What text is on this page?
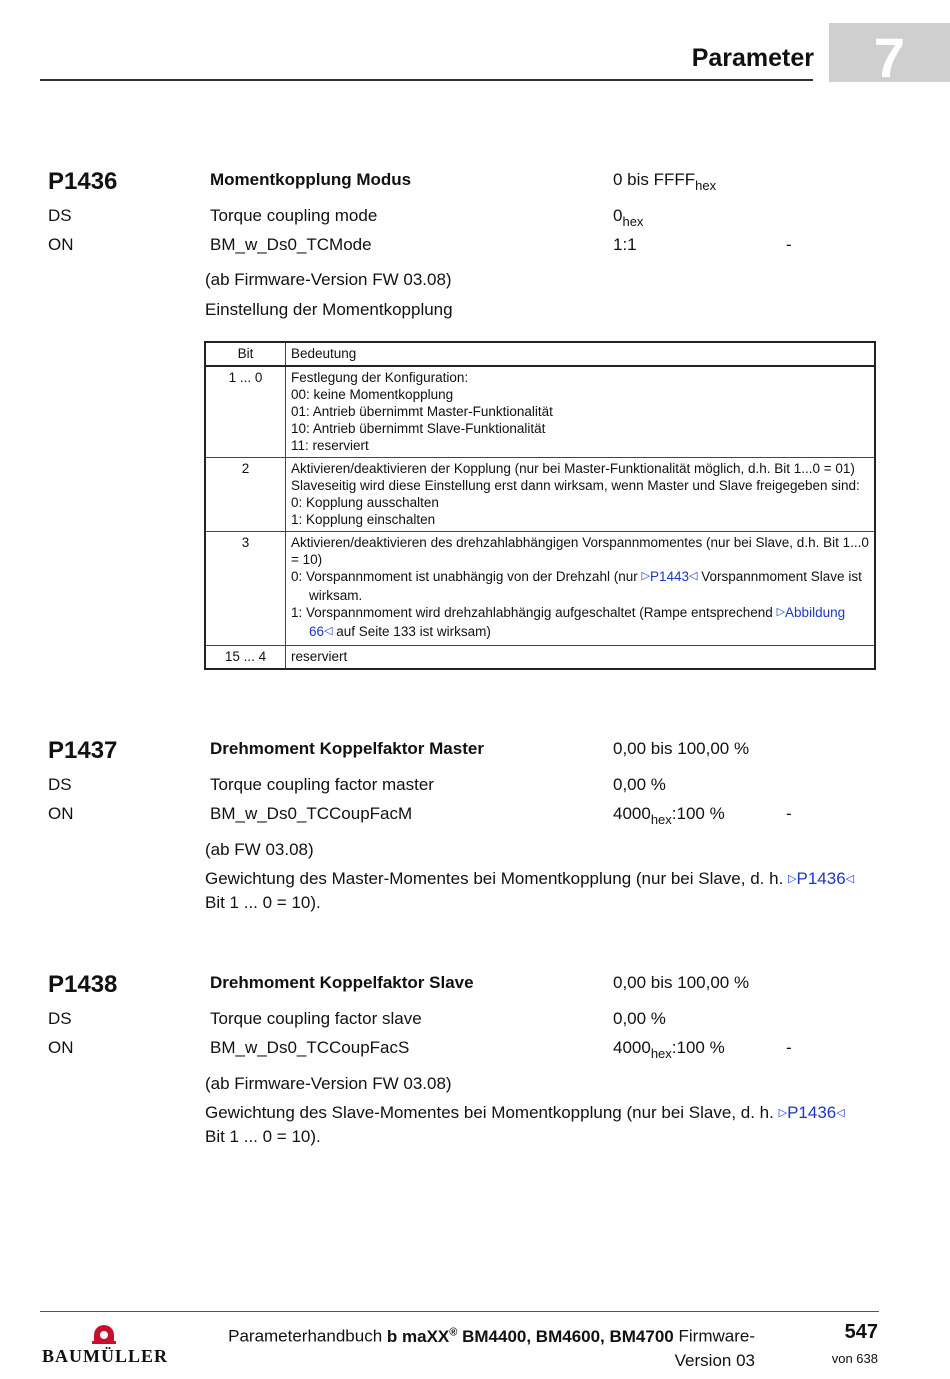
Parameter	7
P1436	Momentkopplung Modus	0 bis $FFFF_{hex}$
DS	Torque coupling mode	$0_{hex}$
ON	BM_w_Ds0_TCMode	1:1	-
(ab Firmware-Version FW 03.08)
Einstellung der Momentkopplung
Bit	Bedeutung
1 ... 0	Festlegung der Konfiguration:
00: keine Momentkopplung
01: Antrieb übernimmt Master-Funktionalität
10: Antrieb übernimmt Slave-Funktionalität
11: reserviert

2	Aktivieren/deaktivieren der Kopplung (nur bei Master-Funktionalität möglich, d.h. Bit 1...0 = 01)
Slaveseitig wird diese Einstellung erst dann wirksam, wenn Master und Slave freigegeben sind:
0: Kopplung ausschalten
1: Kopplung einschalten

3	Aktivieren/deaktivieren des drehzahlabhängigen Vorspannmomentes (nur bei Slave, d.h. Bit 1...0 = 10)
0: Vorspannmoment ist unabhängig von der Drehzahl (nur ▷P1443◁ Vorspannmoment Slave ist wirksam.
1: Vorspannmoment wird drehzahlabhängig aufgeschaltet (Rampe entsprechend ▷Abbildung 66◁ auf Seite 133 ist wirksam)

15 ... 4	reserviert
P1437	Drehmoment Koppelfaktor Master	0,00 bis 100,00 %
DS	Torque coupling factor master	0,00 %
ON	BM_w_Ds0_TCCoupFacM	$4000_{hex}:100$ %	-
(ab FW 03.08)
Gewichtung des Master-Momentes bei Momentkopplung (nur bei Slave, d. h. ▷P1436◁
Bit 1 ... 0 = 10).
P1438	Drehmoment Koppelfaktor Slave	0,00 bis 100,00 %
DS	Torque coupling factor slave	0,00 %
ON	BM_w_Ds0_TCCoupFacS	$4000_{hex}:100$ %	-
(ab Firmware-Version FW 03.08)
Gewichtung des Slave-Momentes bei Momentkopplung (nur bei Slave, d. h. ▷P1436◁
Bit 1 ... 0 = 10).
BAUMÜLLER
Parameterhandbuch b maXX® BM4400, BM4600, BM4700 Firmware-
Version 03
547
von 638
